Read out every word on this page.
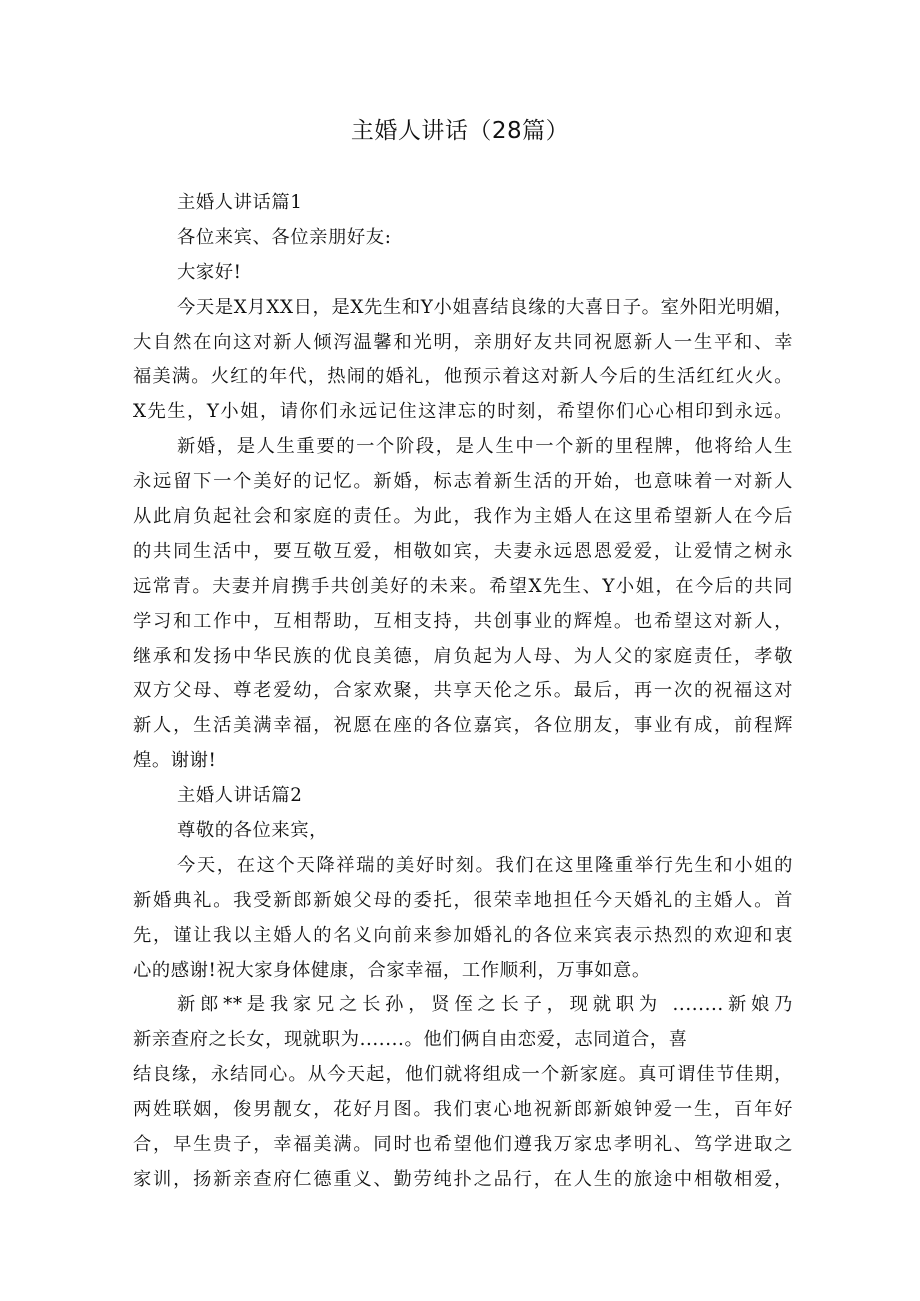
主婚人讲话（28篇）

主婚人讲话篇1

各位来宾、各位亲朋好友:

大家好!

今天是X月XX日，是X先生和Y小姐喜结良缘的大喜日子。室外阳光明媚，

大自然在向这对新人倾泻温馨和光明，亲朋好友共同祝愿新人一生平和、幸

福美满。火红的年代，热闹的婚礼，他预示着这对新人今后的生活红红火火。

X先生，Y小姐，请你们永远记住这津忘的时刻，希望你们心心相印到永远。

新婚，是人生重要的一个阶段，是人生中一个新的里程牌，他将给人生

永远留下一个美好的记忆。新婚，标志着新生活的开始，也意味着一对新人

从此肩负起社会和家庭的责任。为此，我作为主婚人在这里希望新人在今后

的共同生活中，要互敬互爱，相敬如宾，夫妻永远恩恩爱爱，让爱情之树永

远常青。夫妻并肩携手共创美好的未来。希望X先生、Y小姐，在今后的共同

学习和工作中，互相帮助，互相支持，共创事业的辉煌。也希望这对新人，

继承和发扬中华民族的优良美德，肩负起为人母、为人父的家庭责任，孝敬

双方父母、尊老爱幼，合家欢聚，共享天伦之乐。最后，再一次的祝福这对

新人，生活美满幸福，祝愿在座的各位嘉宾，各位朋友，事业有成，前程辉

煌。谢谢!

主婚人讲话篇2

尊敬的各位来宾，

今天，在这个天降祥瑞的美好时刻。我们在这里隆重举行先生和小姐的

新婚典礼。我受新郎新娘父母的委托，很荣幸地担任今天婚礼的主婚人。首

先，谨让我以主婚人的名义向前来参加婚礼的各位来宾表示热烈的欢迎和衷

心的感谢!祝大家身体健康，合家幸福，工作顺利，万事如意。

新郎**是我家兄之长孙，贤侄之长子，现就职为 ........新娘乃

新亲查府之长女，现就职为.......。他们俩自由恋爱，志同道合，喜

结良缘，永结同心。从今天起，他们就将组成一个新家庭。真可谓佳节佳期，

两姓联姻，俊男靓女，花好月图。我们衷心地祝新郎新娘钟爱一生，百年好

合，早生贵子，幸福美满。同时也希望他们遵我万家忠孝明礼、笃学进取之

家训，扬新亲查府仁德重义、勤劳纯扑之品行，在人生的旅途中相敬相爱，
